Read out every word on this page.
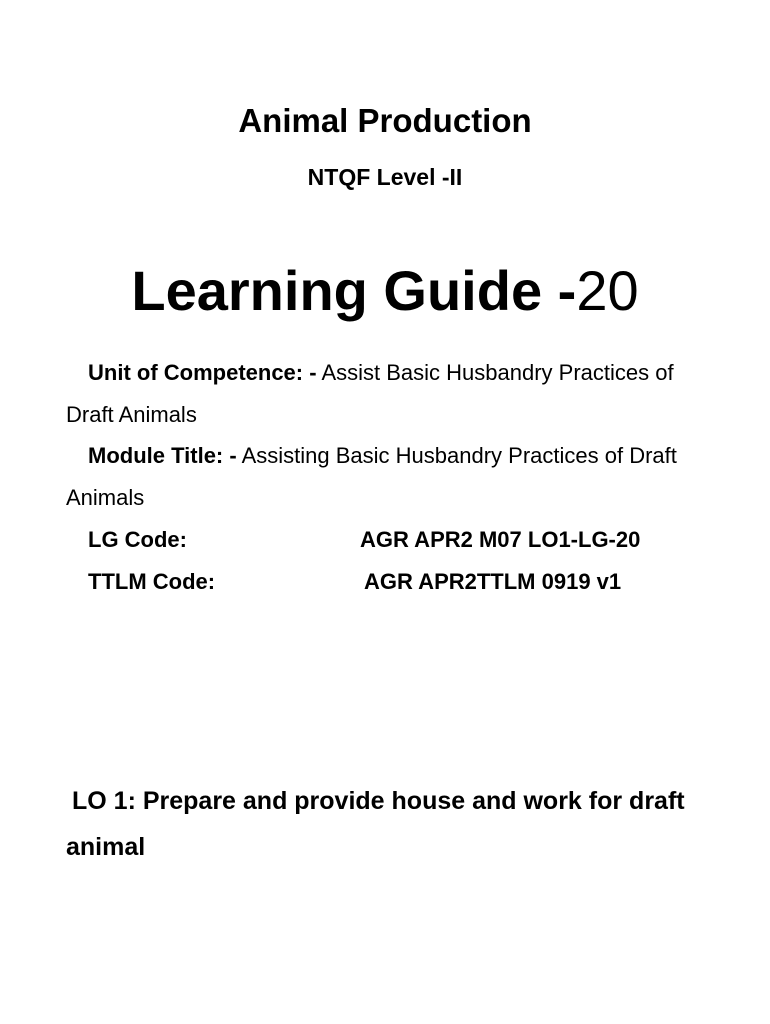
Animal Production
NTQF Level -II
Learning Guide -20
Unit of Competence: - Assist Basic Husbandry Practices of Draft Animals
Module Title: - Assisting Basic Husbandry Practices of Draft Animals
LG Code:	AGR APR2 M07 LO1-LG-20
TTLM Code:	AGR APR2TTLM 0919 v1
LO 1: Prepare and provide house and work for draft animal
